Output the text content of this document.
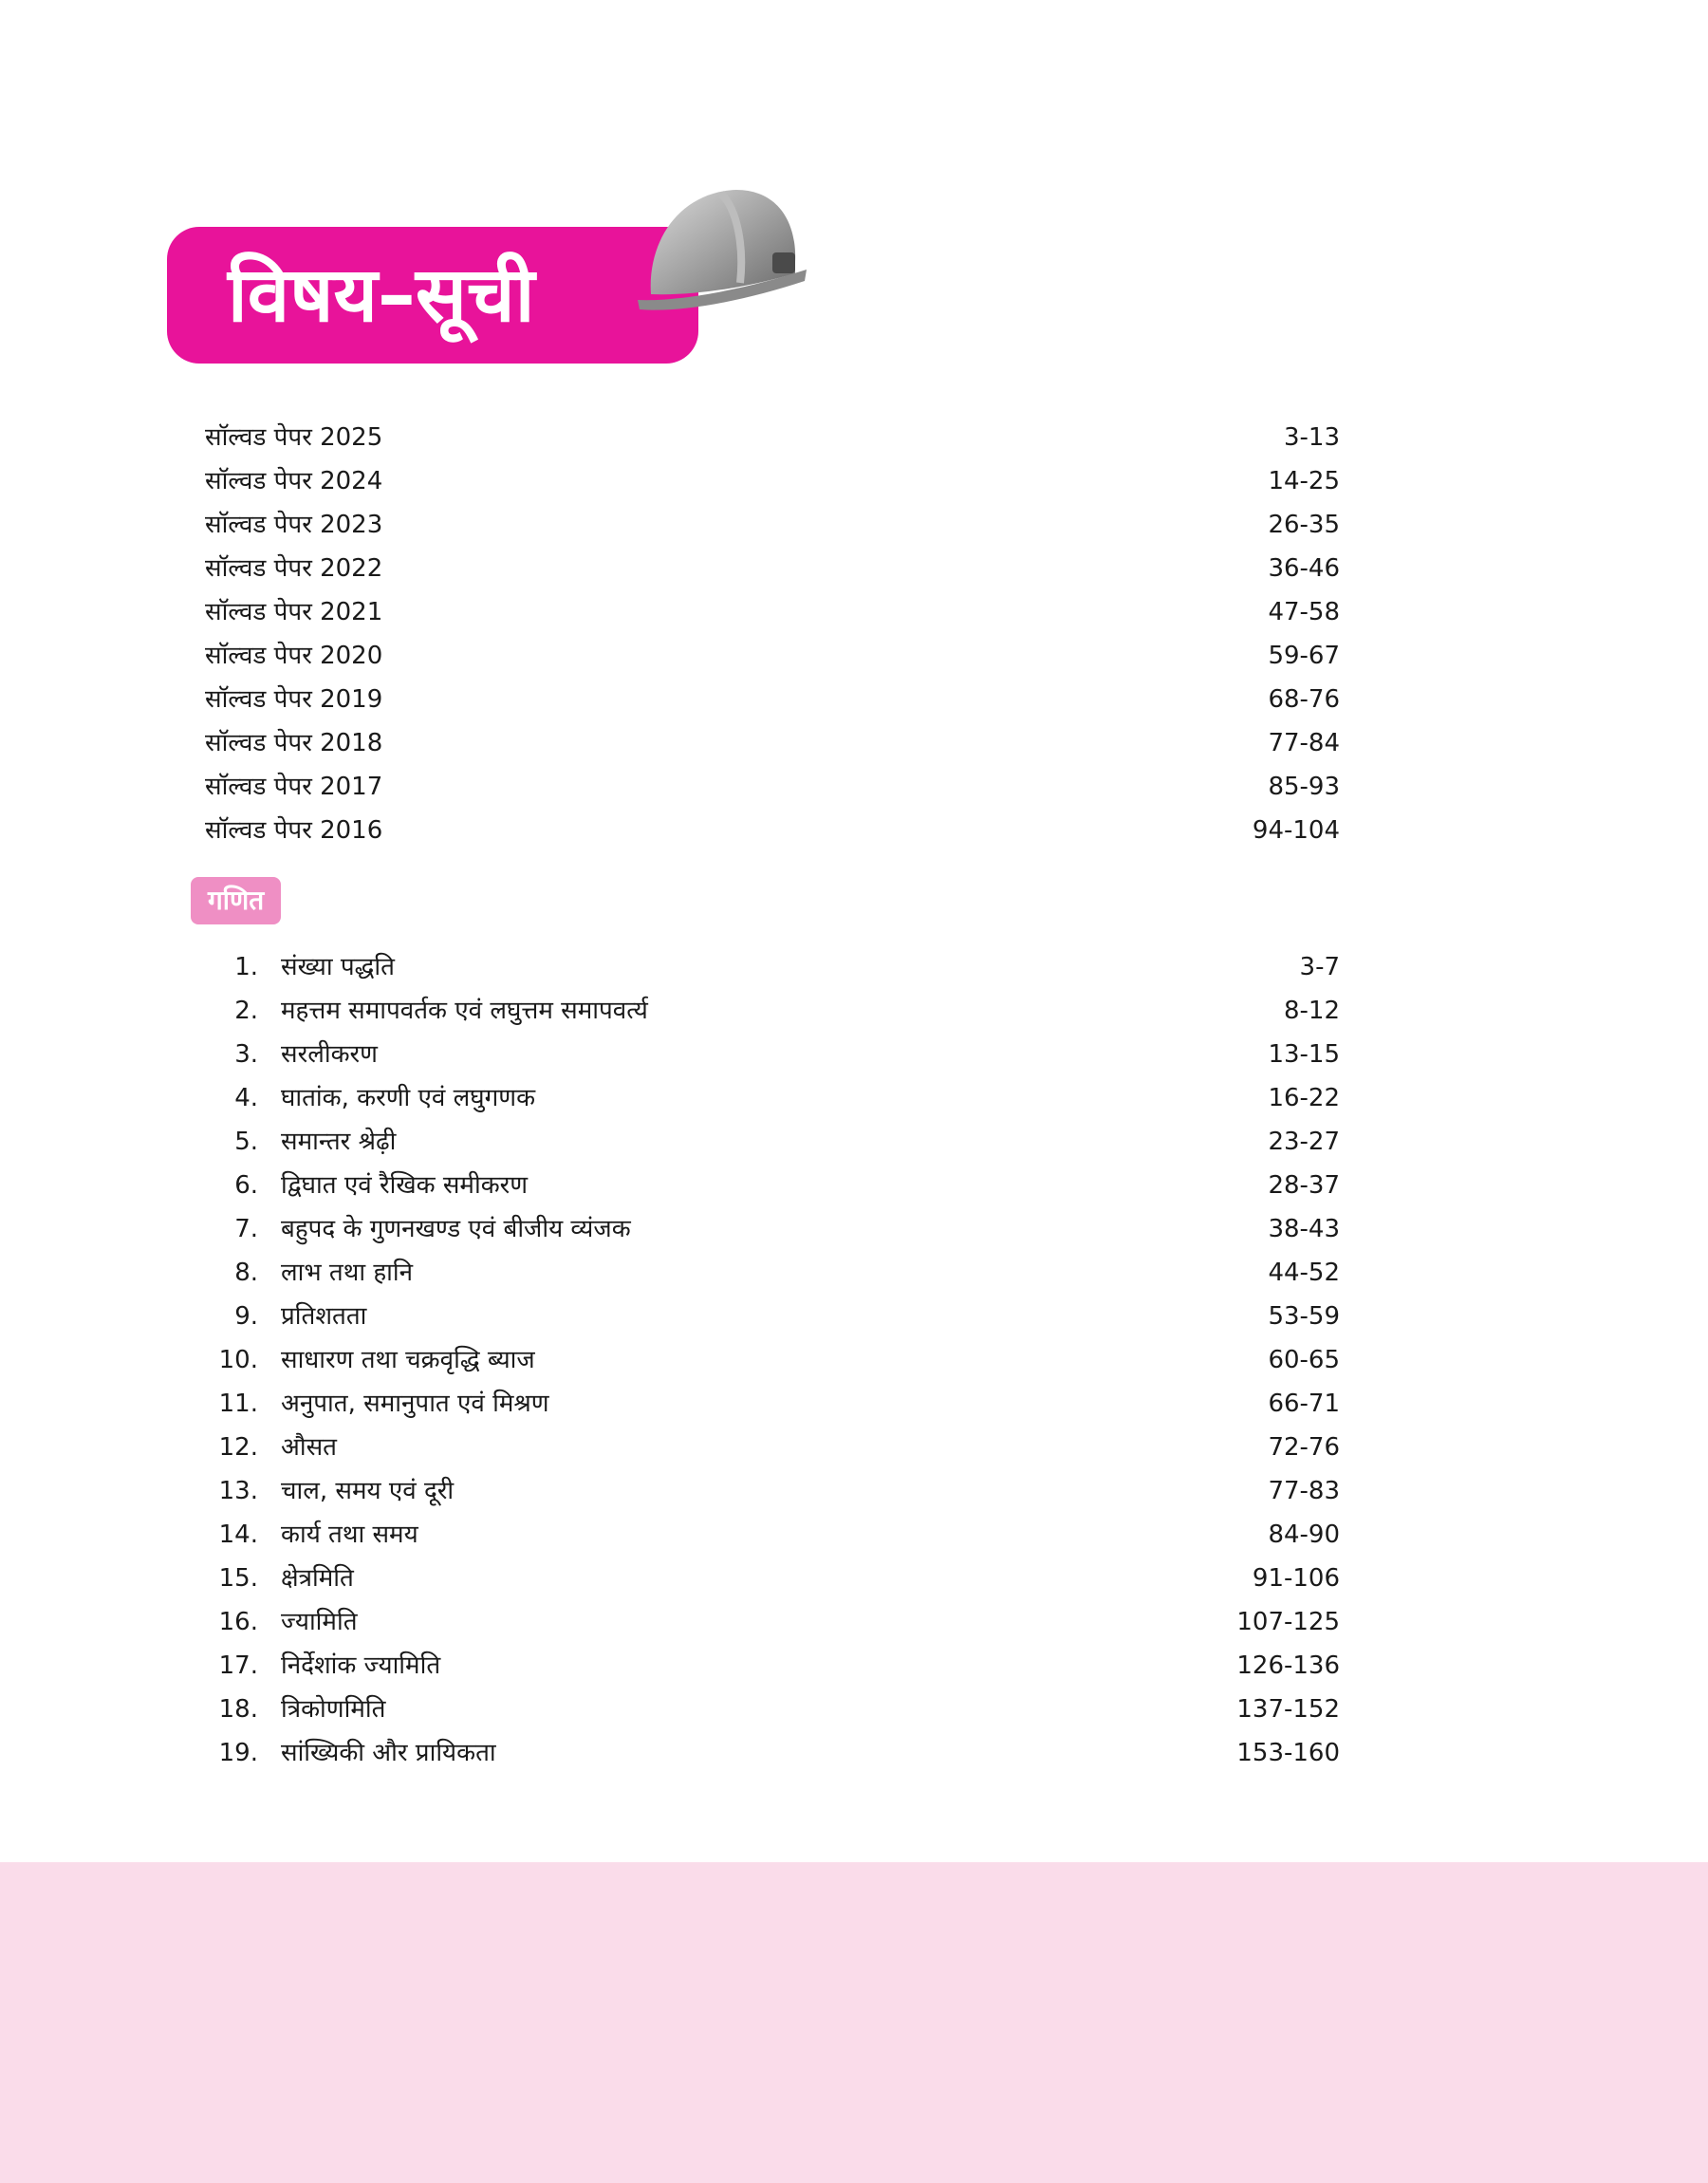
विषय–सूची
सॉल्वड पेपर 2025	3-13
सॉल्वड पेपर 2024	14-25
सॉल्वड पेपर 2023	26-35
सॉल्वड पेपर 2022	36-46
सॉल्वड पेपर 2021	47-58
सॉल्वड पेपर 2020	59-67
सॉल्वड पेपर 2019	68-76
सॉल्वड पेपर 2018	77-84
सॉल्वड पेपर 2017	85-93
सॉल्वड पेपर 2016	94-104
गणित
1. संख्या पद्धति	3-7
2. महत्तम समापवर्तक एवं लघुत्तम समापवर्त्य	8-12
3. सरलीकरण	13-15
4. घातांक, करणी एवं लघुगणक	16-22
5. समान्तर श्रेढ़ी	23-27
6. द्विघात एवं रैखिक समीकरण	28-37
7. बहुपद के गुणनखण्ड एवं बीजीय व्यंजक	38-43
8. लाभ तथा हानि	44-52
9. प्रतिशतता	53-59
10. साधारण तथा चक्रवृद्धि ब्याज	60-65
11. अनुपात, समानुपात एवं मिश्रण	66-71
12. औसत	72-76
13. चाल, समय एवं दूरी	77-83
14. कार्य तथा समय	84-90
15. क्षेत्रमिति	91-106
16. ज्यामिति	107-125
17. निर्देशांक ज्यामिति	126-136
18. त्रिकोणमिति	137-152
19. सांख्यिकी और प्रायिकता	153-160
